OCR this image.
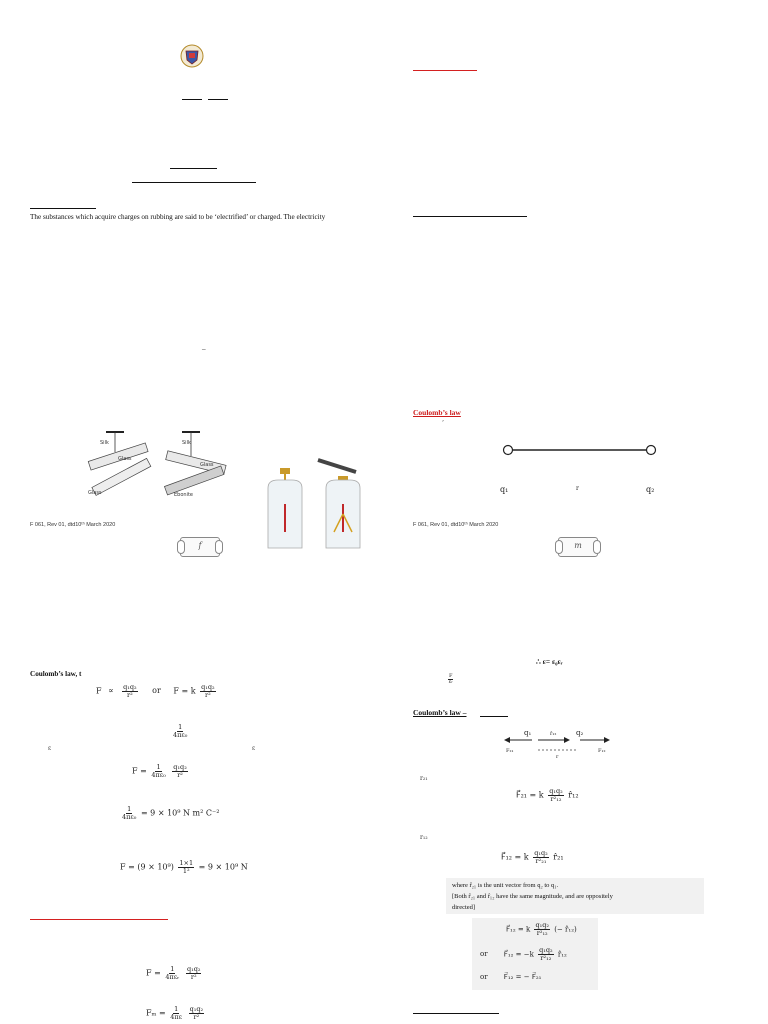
The substances which acquire charges on rubbing are said to be ‘electrified’ or charged. The electricity
–
Silk
Glass
Glass
Silk
Glass
Ebonite
F 061, Rev 01, dtd10ᵗʰ March 2020
f
Coulomb’s law, t
$F \propto \frac{\text{q₁q₂}}{\text{r²}}$ or F = k $\frac{\text{q₁q₂}}{\text{r²}}$
$\frac{1}{\text{4πε₀}}$
ε	ε
$F = \frac{1}{\text{4πε₀}}$
$\frac{\text{q₁q₂}}{\text{r²}}$
$\frac{1}{\text{4πε₀}} = 9 \times 10^9$ N m² C⁻²
$F = (9 \times 10^9) \frac{1\times 1}{\text{1²}} = 9 \times 10^9$ N
$F = \frac{1}{\text{4πεᵣ}}$
$\frac{\text{q₁q₂}}{\text{r²}}$
$F_m = \frac{1}{4\pi\varepsilon}$
$\frac{\text{q₁q₂}}{\text{r²}}$
Coulomb’s law
’
q₁	r	q₂
F 061, Rev 01, dtd10ᵗʰ March 2020
m
∴ ε= ε₀εᵣ
$\frac{F}{\text{εᵣ}}$
Coulomb’s law –
q₁	r̂₁₂	q₂
F₂₁
r
F₁₂
r₂₁
F⃗₂₁ = k $\frac{\text{q₁q₂}}{\text{r²₁₂}}$ r̂₁₂
r₁₂
F⃗₁₂ = k $\frac{\text{q₁q₂}}{\text{r²₂₁}}$ r̂₂₁
where r̂₂₁ is the unit vector from q₂ to q₁.
[Both r̂₂₁ and r̂₁₂ have the same magnitude, and are oppositely
directed]
F⃗₁₂ = k $\frac{\text{q₁q₂}}{\text{r²₁₂}}$ (− r̂₁₂)
or F⃗₁₂ = $-k \frac{\text{q₁q₂}}{\text{r²₁₂}}$ r̂₁₂
or F⃗₁₂ = − F⃗₂₁
